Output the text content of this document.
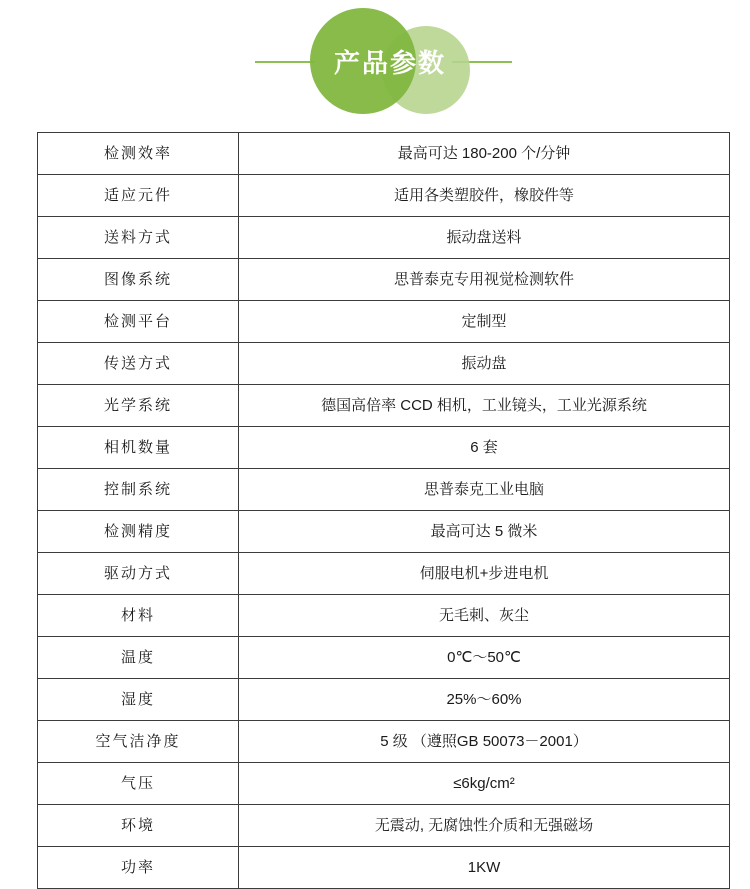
产品参数
检测效率	最高可达 180-200 个/分钟
适应元件	适用各类塑胶件，橡胶件等
送料方式	振动盘送料
图像系统	思普泰克专用视觉检测软件
检测平台	定制型
传送方式	振动盘
光学系统	德国高倍率 CCD 相机，工业镜头，工业光源系统
相机数量	6 套
控制系统	思普泰克工业电脑
检测精度	最高可达 5 微米
驱动方式	伺服电机+步进电机
材料	无毛刺、灰尘
温度	0℃～50℃
湿度	25%～60%
空气洁净度	5 级 （遵照GB 50073－2001）
气压	≤6kg/cm²
环境	无震动, 无腐蚀性介质和无强磁场
功率	1KW
